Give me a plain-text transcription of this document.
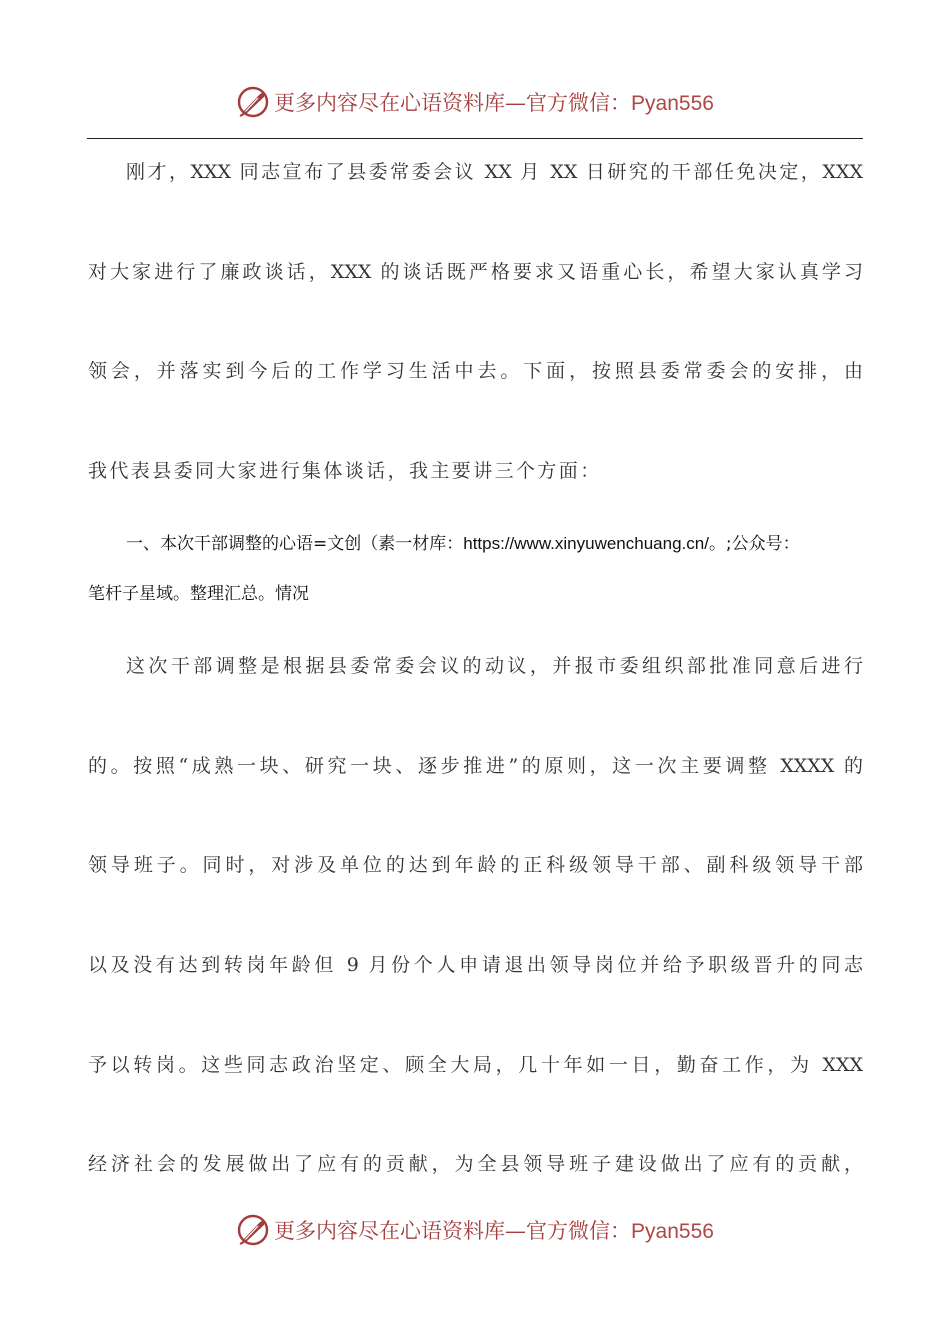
更多内容尽在心语资料库—官方微信：Pyan556
刚才，XXX 同志宣布了县委常委会议 XX 月 XX 日研究的干部任免决定，XXX
对大家进行了廉政谈话，XXX 的谈话既严格要求又语重心长，希望大家认真学习
领会，并落实到今后的工作学习生活中去。下面，按照县委常委会的安排，由
我代表县委同大家进行集体谈话，我主要讲三个方面：
一、本次干部调整的心语=文创（素一材库：https://www.xinyuwenchuang.cn/。;公众号：
笔杆子星域。整理汇总。情况
这次干部调整是根据县委常委会议的动议，并报市委组织部批准同意后进行
的。按照“成熟一块、研究一块、逐步推进”的原则，这一次主要调整 XXXX 的
领导班子。同时，对涉及单位的达到年龄的正科级领导干部、副科级领导干部
以及没有达到转岗年龄但 9 月份个人申请退出领导岗位并给予职级晋升的同志
予以转岗。这些同志政治坚定、顾全大局，几十年如一日，勤奋工作，为 XXX
经济社会的发展做出了应有的贡献，为全县领导班子建设做出了应有的贡献，
更多内容尽在心语资料库—官方微信：Pyan556
